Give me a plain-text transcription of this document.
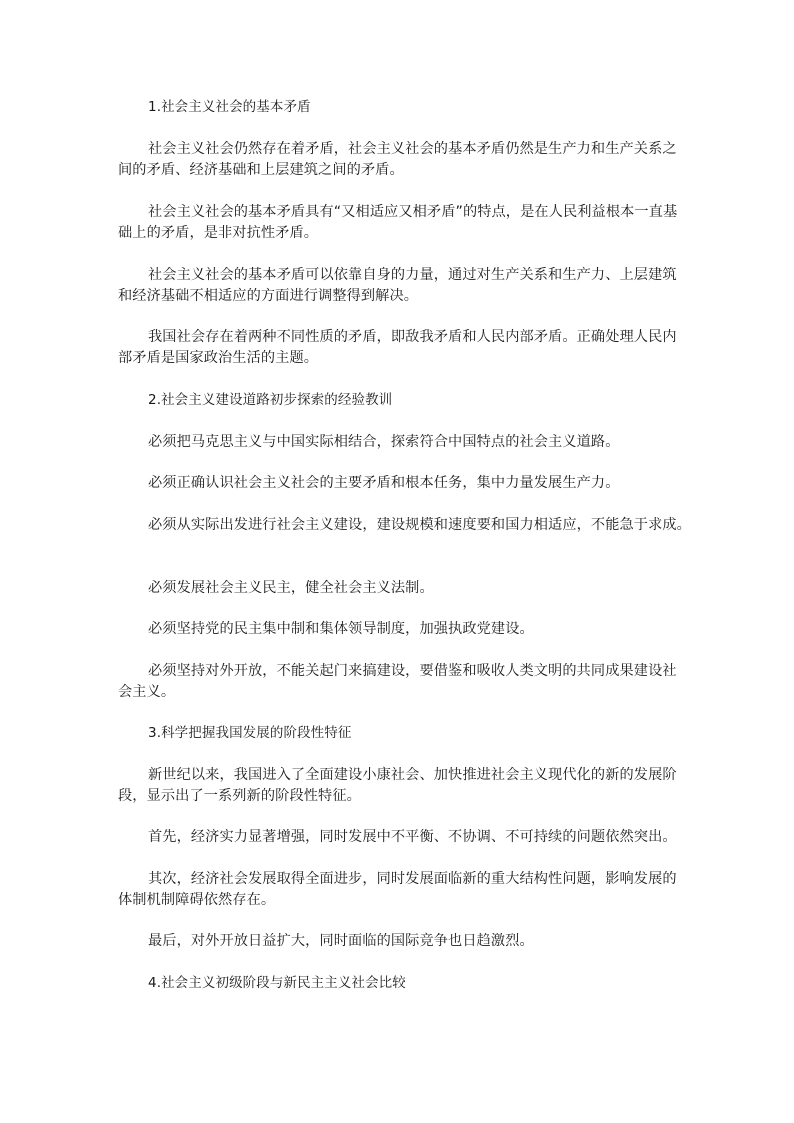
1.社会主义社会的基本矛盾

社会主义社会仍然存在着矛盾，社会主义社会的基本矛盾仍然是生产力和生产关系之间的矛盾、经济基础和上层建筑之间的矛盾。

社会主义社会的基本矛盾具有“又相适应又相矛盾”的特点，是在人民利益根本一直基础上的矛盾，是非对抗性矛盾。

社会主义社会的基本矛盾可以依靠自身的力量，通过对生产关系和生产力、上层建筑和经济基础不相适应的方面进行调整得到解决。

我国社会存在着两种不同性质的矛盾，即敌我矛盾和人民内部矛盾。正确处理人民内部矛盾是国家政治生活的主题。

2.社会主义建设道路初步探索的经验教训

必须把马克思主义与中国实际相结合，探索符合中国特点的社会主义道路。

必须正确认识社会主义社会的主要矛盾和根本任务，集中力量发展生产力。

必须从实际出发进行社会主义建设，建设规模和速度要和国力相适应，不能急于求成。

必须发展社会主义民主，健全社会主义法制。

必须坚持党的民主集中制和集体领导制度，加强执政党建设。

必须坚持对外开放，不能关起门来搞建设，要借鉴和吸收人类文明的共同成果建设社会主义。

3.科学把握我国发展的阶段性特征

新世纪以来，我国进入了全面建设小康社会、加快推进社会主义现代化的新的发展阶段，显示出了一系列新的阶段性特征。

首先，经济实力显著增强，同时发展中不平衡、不协调、不可持续的问题依然突出。

其次，经济社会发展取得全面进步，同时发展面临新的重大结构性问题，影响发展的体制机制障碍依然存在。

最后，对外开放日益扩大，同时面临的国际竞争也日趋激烈。

4.社会主义初级阶段与新民主主义社会比较
